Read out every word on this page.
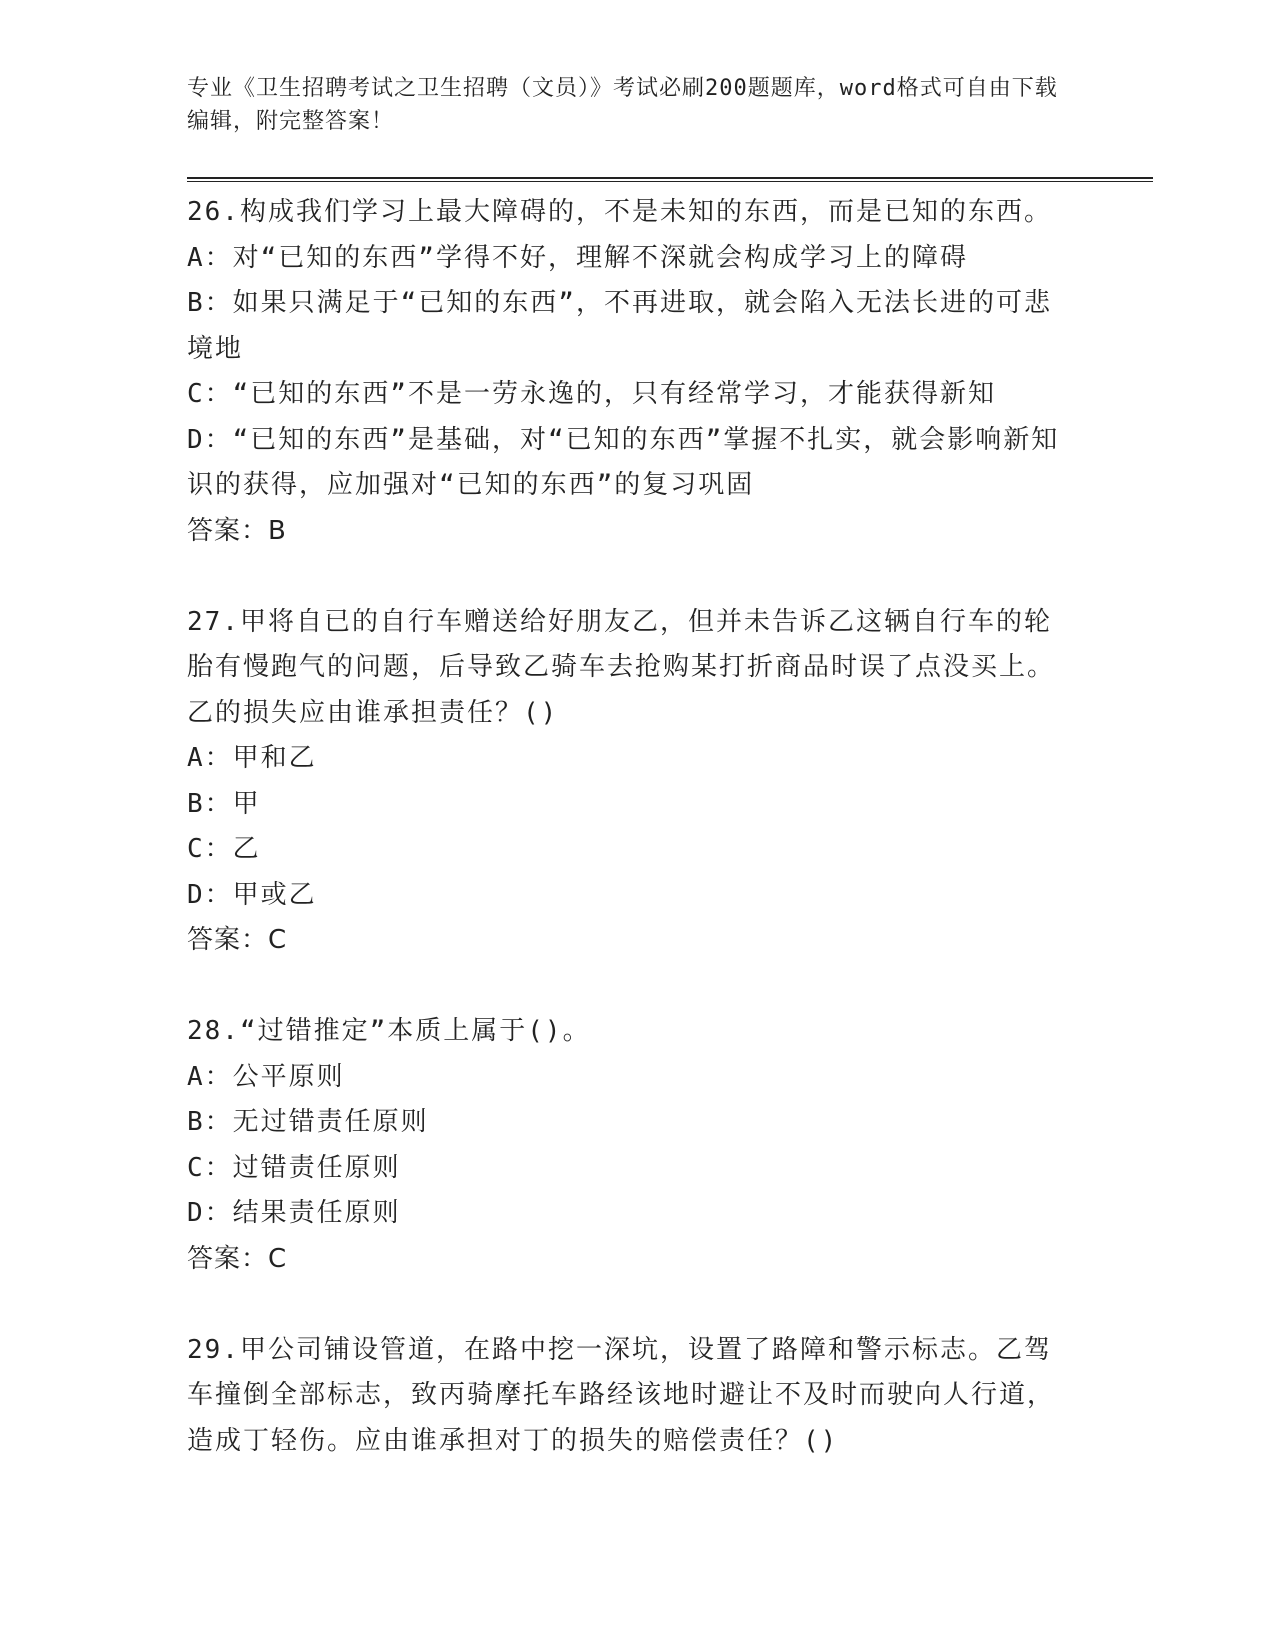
专业《卫生招聘考试之卫生招聘（文员）》考试必刷200题题库，word格式可自由下载编辑，附完整答案！

26.构成我们学习上最大障碍的，不是未知的东西，而是已知的东西。

A：对“已知的东西”学得不好，理解不深就会构成学习上的障碍

B：如果只满足于“已知的东西”，不再进取，就会陷入无法长进的可悲境地

C：“已知的东西”不是一劳永逸的，只有经常学习，才能获得新知

D：“已知的东西”是基础，对“已知的东西”掌握不扎实，就会影响新知识的获得，应加强对“已知的东西”的复习巩固

答案：B

27.甲将自已的自行车赠送给好朋友乙，但并未告诉乙这辆自行车的轮胎有慢跑气的问题，后导致乙骑车去抢购某打折商品时误了点没买上。乙的损失应由谁承担责任？()

A：甲和乙

B：甲

C：乙

D：甲或乙

答案：C

28.“过错推定”本质上属于()。

A：公平原则

B：无过错责任原则

C：过错责任原则

D：结果责任原则

答案：C

29.甲公司铺设管道，在路中挖一深坑，设置了路障和警示标志。乙驾车撞倒全部标志，致丙骑摩托车路经该地时避让不及时而驶向人行道，造成丁轻伤。应由谁承担对丁的损失的赔偿责任？()
